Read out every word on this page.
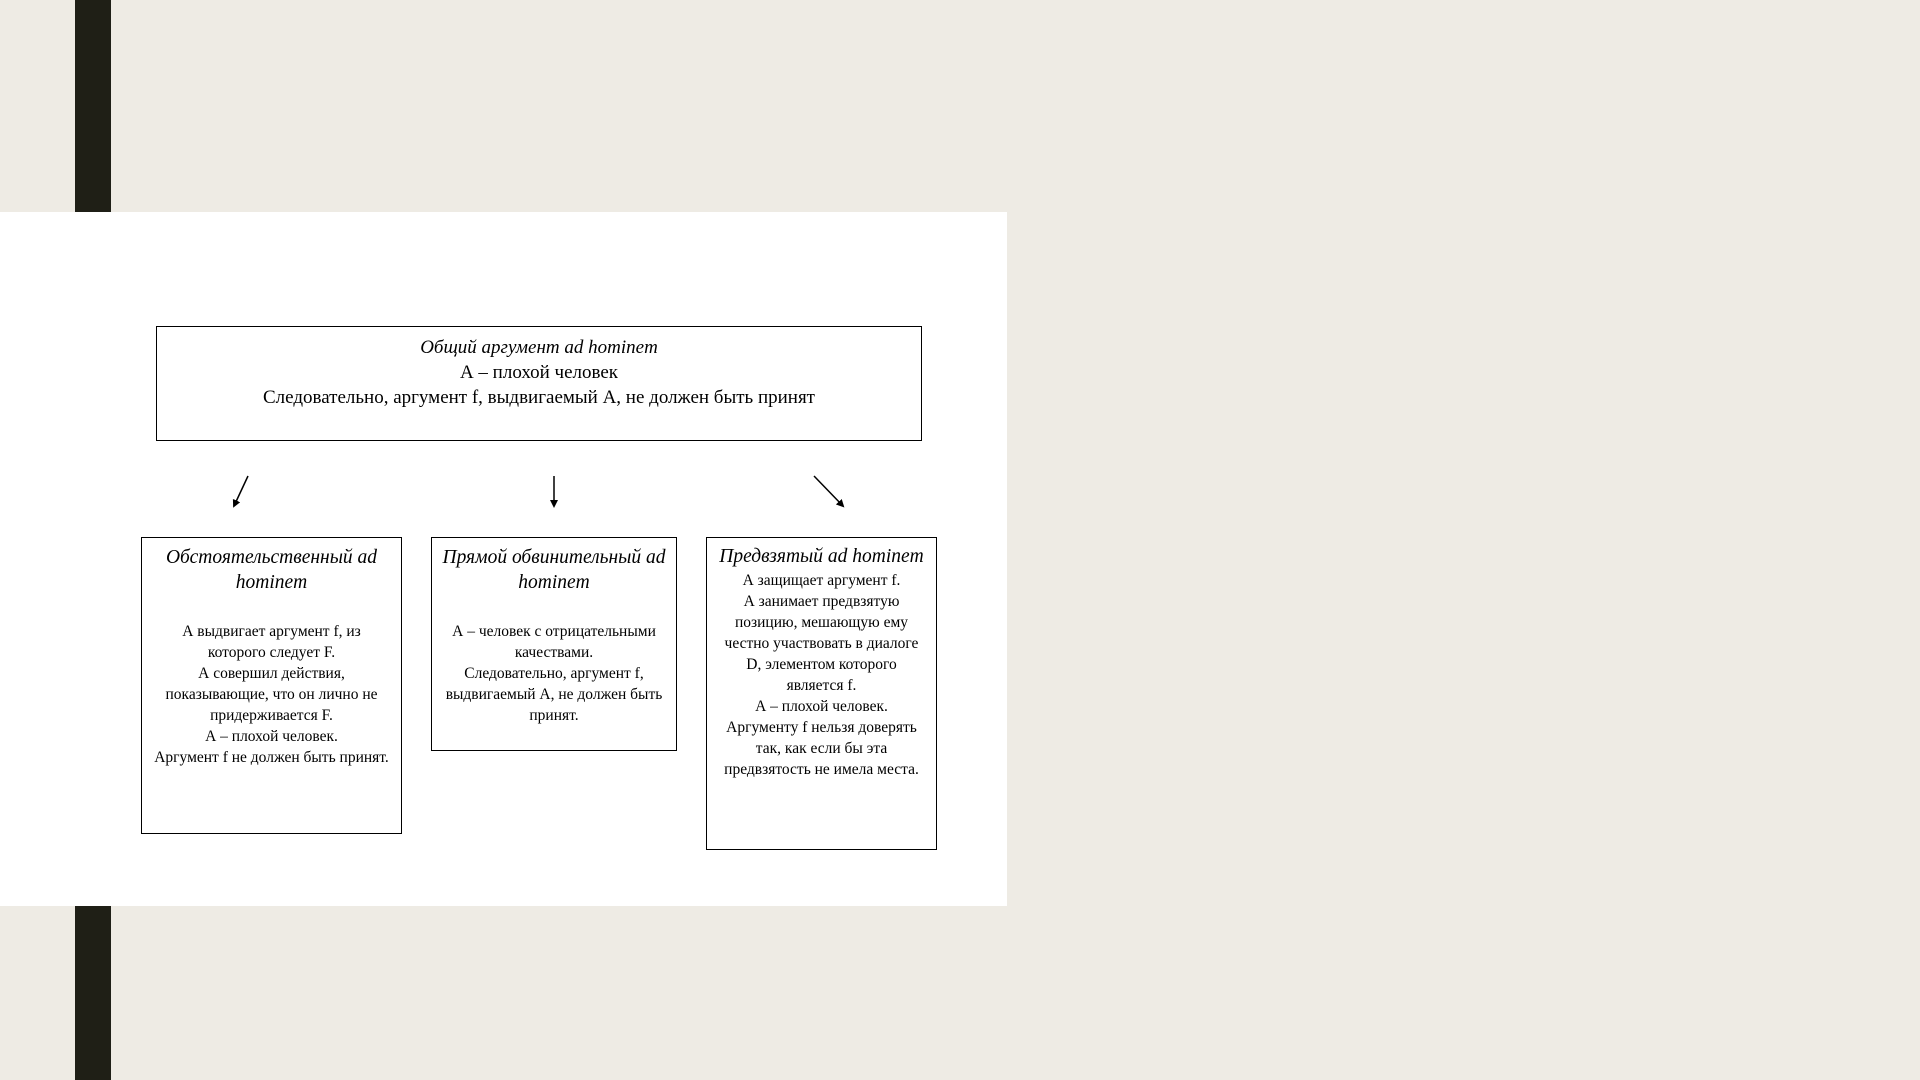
Общий аргумент ad hominem
А – плохой человек
Следовательно, аргумент f, выдвигаемый А, не должен быть принят
Обстоятельственный ad hominem
А выдвигает аргумент f, из которого следует F.
А совершил действия, показывающие, что он лично не придерживается F.
А – плохой человек.
Аргумент f не должен быть принят.
Прямой обвинительный ad hominem
А – человек с отрицательными качествами.
Следовательно, аргумент f, выдвигаемый А, не должен быть принят.
Предвзятый ad hominem
А защищает аргумент f.
А занимает предвзятую позицию, мешающую ему честно участвовать в диалоге D, элементом которого является f.
А – плохой человек.
Аргументу f нельзя доверять так, как если бы эта предвзятость не имела места.
